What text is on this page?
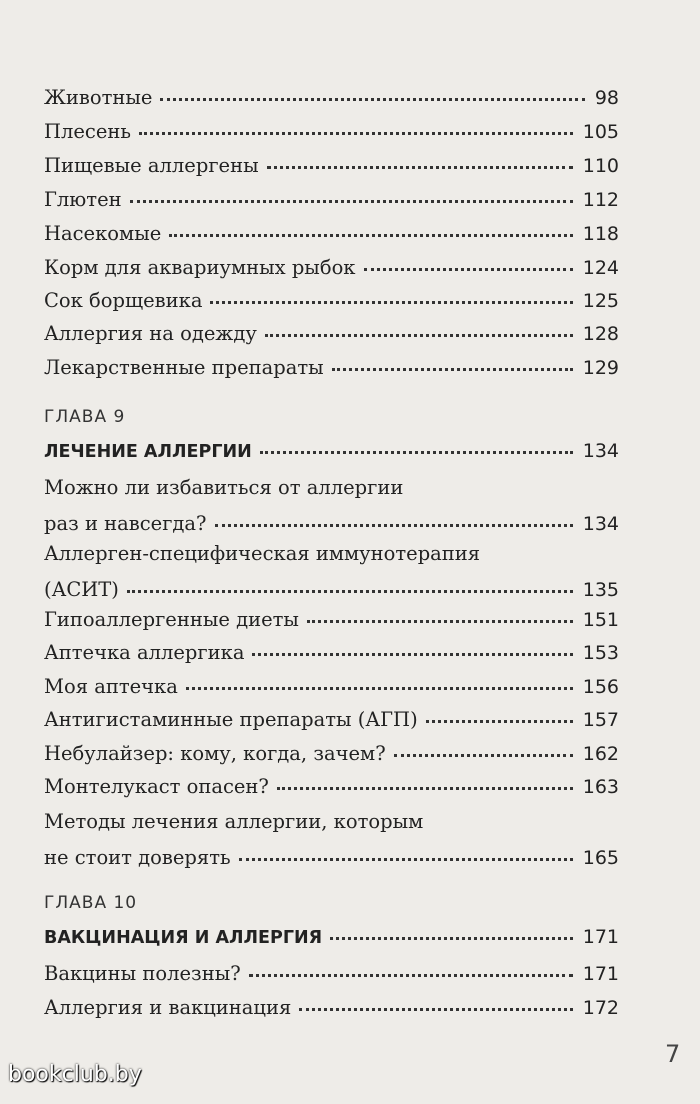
Животные	98
Плесень	105
Пищевые аллергены	110
Глютен	112
Насекомые	118
Корм для аквариумных рыбок	124
Сок борщевика	125
Аллергия на одежду	128
Лекарственные препараты	129
ГЛАВА 9
ЛЕЧЕНИЕ АЛЛЕРГИИ	134
Можно ли избавиться от аллергии
раз и навсегда?	134
Аллерген-специфическая иммунотерапия
(АСИТ)	135
Гипоаллергенные диеты	151
Аптечка аллергика	153
Моя аптечка	156
Антигистаминные препараты (АГП)	157
Небулайзер: кому, когда, зачем?	162
Монтелукаст опасен?	163
Методы лечения аллергии, которым
не стоит доверять	165
ГЛАВА 10
ВАКЦИНАЦИЯ И АЛЛЕРГИЯ	171
Вакцины полезны?	171
Аллергия и вакцинация	172
7
bookclub.by
